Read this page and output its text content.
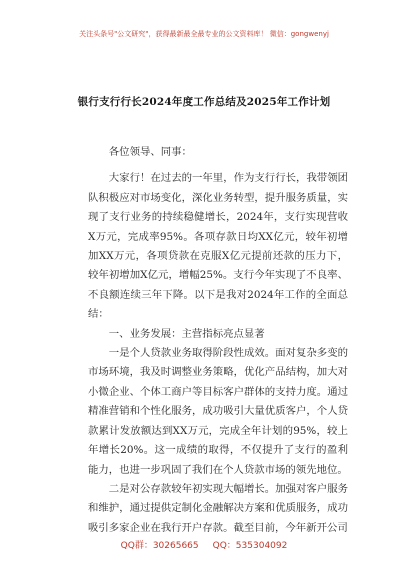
关注头条号"公文研究"，获得最新最全最专业的公文资料库！ 微信：gongwenyj
银行支行行长2024年度工作总结及2025年工作计划

各位领导、同事：

大家行！在过去的一年里，作为支行行长，我带领团队积极应对市场变化，深化业务转型，提升服务质量，实现了支行业务的持续稳健增长，2024年，支行实现营收X万元，完成率95%。各项存款日均XX亿元，较年初增加XX万元，各项贷款在克服X亿元提前还款的压力下，较年初增加X亿元，增幅25%。支行今年实现了不良率、不良额连续三年下降。以下是我对2024年工作的全面总结：

一、业务发展：主营指标亮点显著

一是个人贷款业务取得阶段性成效。面对复杂多变的市场环境，我及时调整业务策略，优化产品结构，加大对小微企业、个体工商户等目标客户群体的支持力度。通过精准营销和个性化服务，成功吸引大量优质客户，个人贷款累计发放额达到XX万元，完成全年计划的95%，较上年增长20%。这一成绩的取得，不仅提升了支行的盈利能力，也进一步巩固了我们在个人贷款市场的领先地位。

二是对公存款较年初实现大幅增长。加强对客户服务和维护，通过提供定制化金融解决方案和优质服务，成功吸引多家企业在我行开户存款。截至目前，今年新开公司

QQ群：30265665 QQ：535304092
